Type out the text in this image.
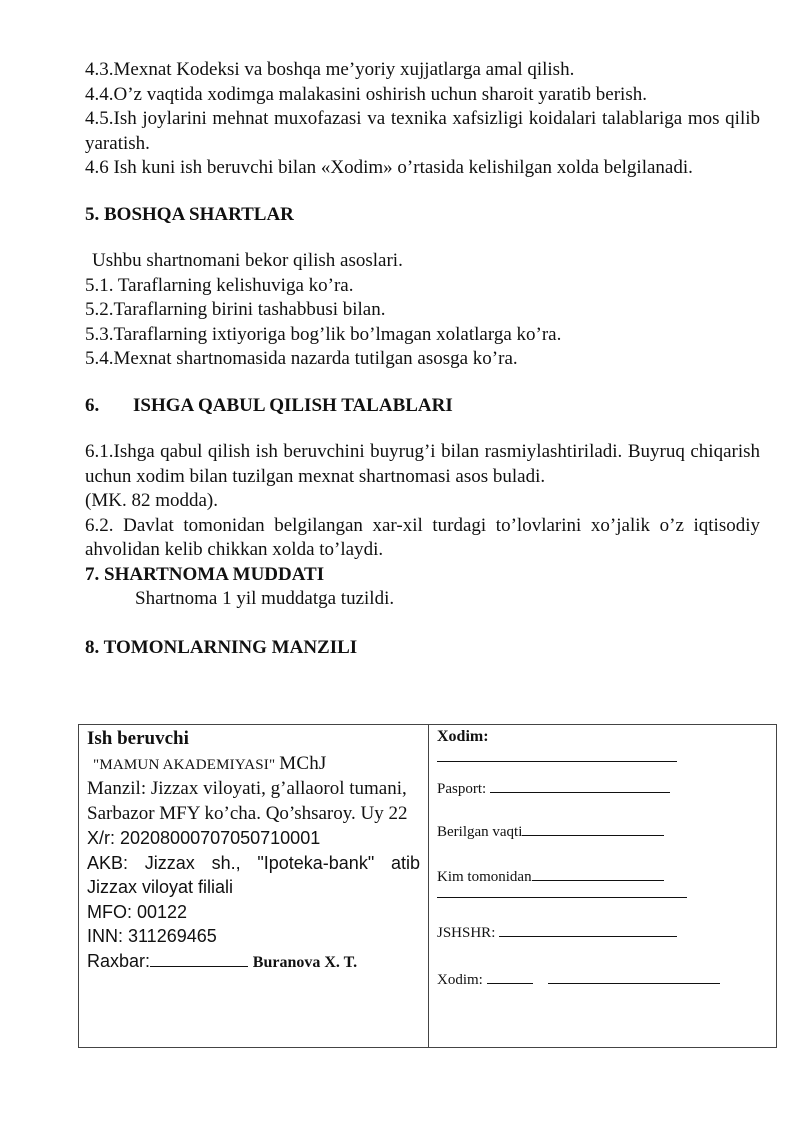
4.3.Mexnat Kodeksi va boshqa me’yoriy xujjatlarga amal qilish.

4.4.O’z vaqtida xodimga malakasini oshirish uchun sharoit yaratib berish.

4.5.Ish joylarini mehnat muxofazasi va texnika xafsizligi koidalari talablariga mos qilib yaratish.

4.6 Ish kuni ish beruvchi bilan «Xodim» o’rtasida kelishilgan xolda belgilanadi.

5. BOSHQA SHARTLAR

Ushbu shartnomani bekor qilish asoslari.

5.1. Taraflarning kelishuviga ko’ra.

5.2.Taraflarning birini tashabbusi bilan.

5.3.Taraflarning ixtiyoriga bog’lik bo’lmagan xolatlarga ko’ra.

5.4.Mexnat shartnomasida nazarda tutilgan asosga ko’ra.

6. ISHGA QABUL QILISH TALABLARI

6.1.Ishga qabul qilish ish beruvchini buyrug’i bilan rasmiylashtiriladi. Buyruq chiqarish uchun xodim bilan tuzilgan mexnat shartnomasi asos buladi.

(MK. 82 modda).

6.2. Davlat tomonidan belgilangan xar-xil turdagi to’lovlarini xo’jalik o’z iqtisodiy ahvolidan kelib chikkan xolda to’laydi.

7. SHARTNOMA MUDDATI

Shartnoma 1 yil muddatga tuzildi.

8. TOMONLARNING MANZILI

Ish beruvchi

"MAMUN AKADEMIYASI" MChJ

Manzil: Jizzax viloyati, g’allaorol tumani,

Sarbazor MFY ko’cha. Qo’shsaroy. Uy 22

X/r: 20208000707050710001

AKB: Jizzax sh., "Ipoteka-bank" atib Jizzax viloyat filiali

MFO: 00122

INN: 311269465

Raxbar:	Buranova X. T.

Xodim:

Pasport:

Berilgan vaqti

Kim tomonidan

JSHSHR:

Xodim:
